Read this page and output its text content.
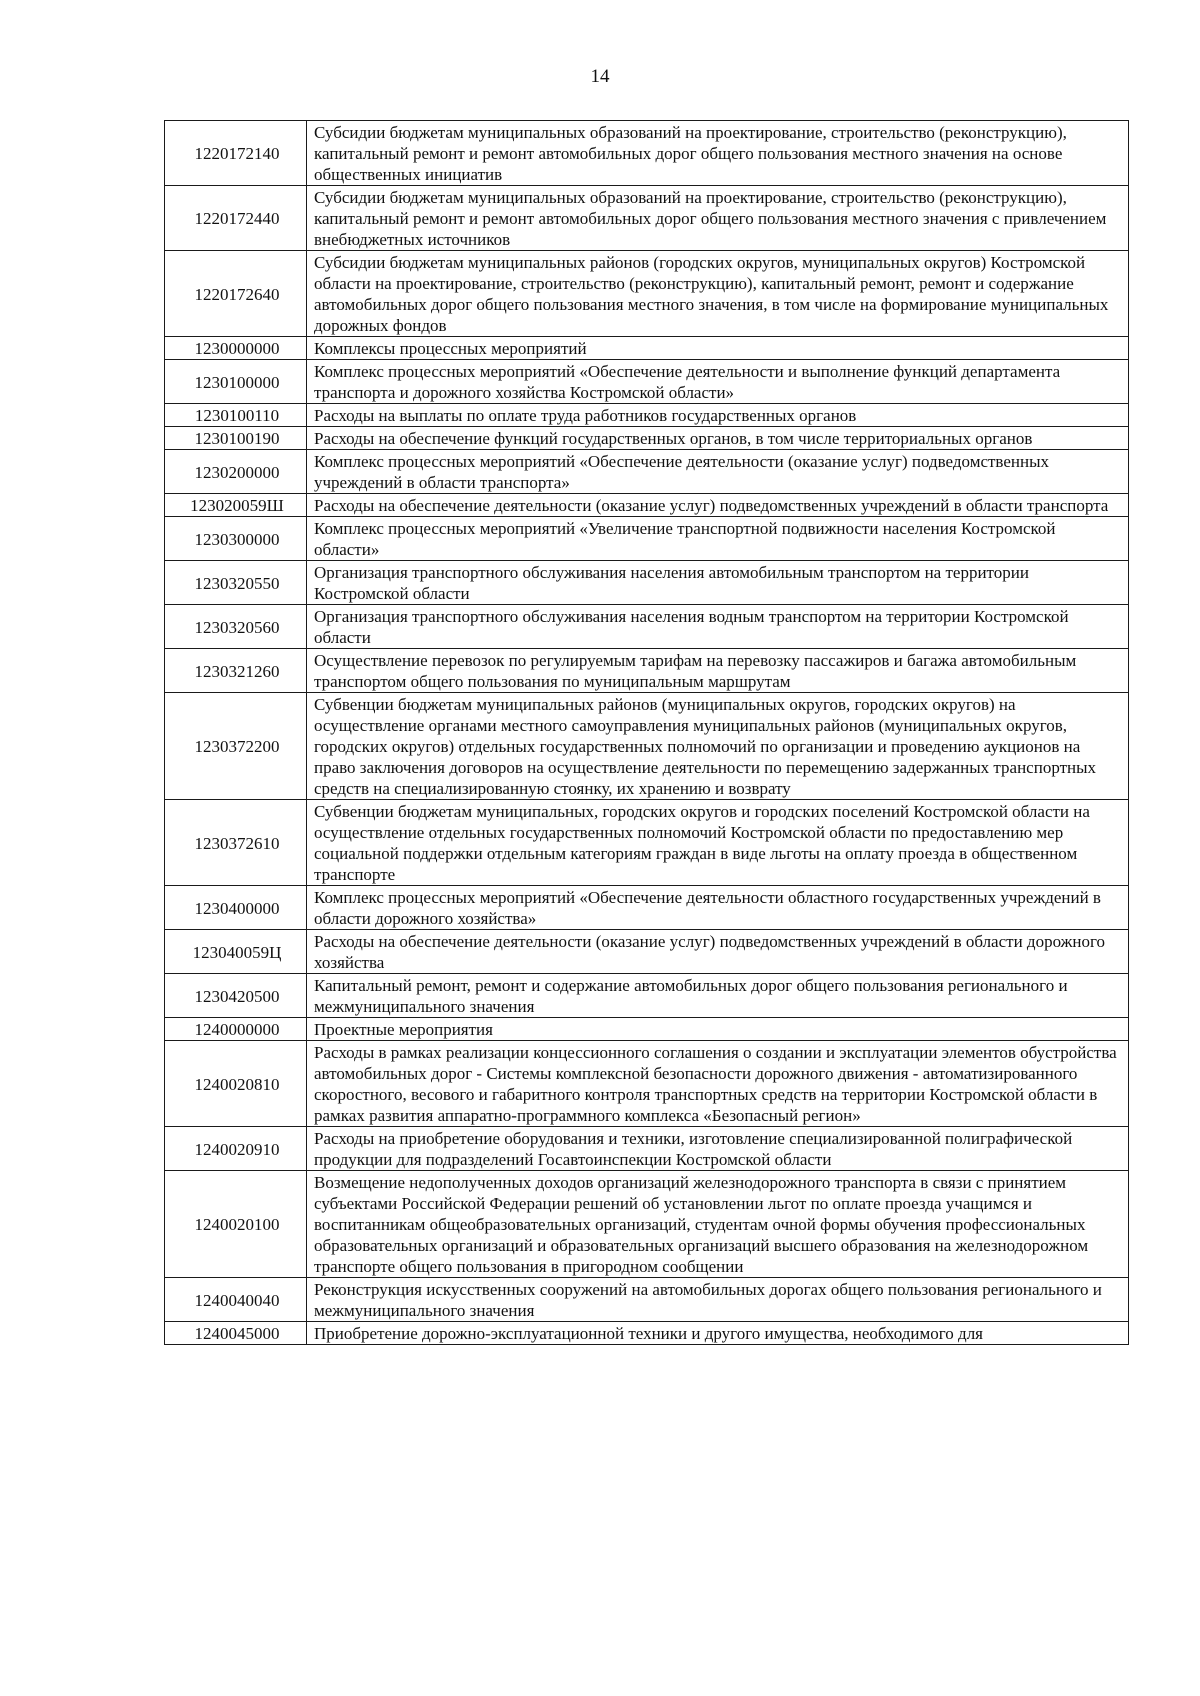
14
1220172140	Субсидии бюджетам муниципальных образований на проектирование, строительство (реконструкцию), капитальный ремонт и ремонт автомобильных дорог общего пользования местного значения на основе общественных инициатив
1220172440	Субсидии бюджетам муниципальных образований на проектирование, строительство (реконструкцию), капитальный ремонт и ремонт автомобильных дорог общего пользования местного значения с привлечением внебюджетных источников
1220172640	Субсидии бюджетам муниципальных районов (городских округов, муниципальных округов) Костромской области на проектирование, строительство (реконструкцию), капитальный ремонт, ремонт и содержание автомобильных дорог общего пользования местного значения, в том числе на формирование муниципальных дорожных фондов
1230000000	Комплексы процессных мероприятий
1230100000	Комплекс процессных мероприятий «Обеспечение деятельности и выполнение функций департамента транспорта и дорожного хозяйства Костромской области»
1230100110	Расходы на выплаты по оплате труда работников государственных органов
1230100190	Расходы на обеспечение функций государственных органов, в том числе территориальных органов
1230200000	Комплекс процессных мероприятий «Обеспечение деятельности (оказание услуг) подведомственных учреждений в области транспорта»
123020059Ш	Расходы на обеспечение деятельности (оказание услуг) подведомственных учреждений в области транспорта
1230300000	Комплекс процессных мероприятий «Увеличение транспортной подвижности населения Костромской области»
1230320550	Организация транспортного обслуживания населения автомобильным транспортом на территории Костромской области
1230320560	Организация транспортного обслуживания населения водным транспортом на территории Костромской области
1230321260	Осуществление перевозок по регулируемым тарифам на перевозку пассажиров и багажа автомобильным транспортом общего пользования по муниципальным маршрутам
1230372200	Субвенции бюджетам муниципальных районов (муниципальных округов, городских округов) на осуществление органами местного самоуправления муниципальных районов (муниципальных округов, городских округов) отдельных государственных полномочий по организации и проведению аукционов на право заключения договоров на осуществление деятельности по перемещению задержанных транспортных средств на специализированную стоянку, их хранению и возврату
1230372610	Субвенции бюджетам муниципальных, городских округов и городских поселений Костромской области на осуществление отдельных государственных полномочий Костромской области по предоставлению мер социальной поддержки отдельным категориям граждан в виде льготы на оплату проезда в общественном транспорте
1230400000	Комплекс процессных мероприятий «Обеспечение деятельности областного государственных учреждений в области дорожного хозяйства»
123040059Ц	Расходы на обеспечение деятельности (оказание услуг) подведомственных учреждений в области дорожного хозяйства
1230420500	Капитальный ремонт, ремонт и содержание автомобильных дорог общего пользования регионального и межмуниципального значения
1240000000	Проектные мероприятия
1240020810	Расходы в рамках реализации концессионного соглашения о создании и эксплуатации элементов обустройства автомобильных дорог - Системы комплексной безопасности дорожного движения - автоматизированного скоростного, весового и габаритного контроля транспортных средств на территории Костромской области в рамках развития аппаратно-программного комплекса «Безопасный регион»
1240020910	Расходы на приобретение оборудования и техники, изготовление специализированной полиграфической продукции для подразделений Госавтоинспекции Костромской области
1240020100	Возмещение недополученных доходов организаций железнодорожного транспорта в связи с принятием субъектами Российской Федерации решений об установлении льгот по оплате проезда учащимся и воспитанникам общеобразовательных организаций, студентам очной формы обучения профессиональных образовательных организаций и образовательных организаций высшего образования на железнодорожном транспорте общего пользования в пригородном сообщении
1240040040	Реконструкция искусственных сооружений на автомобильных дорогах общего пользования регионального и межмуниципального значения
1240045000	Приобретение дорожно-эксплуатационной техники и другого имущества, необходимого для
